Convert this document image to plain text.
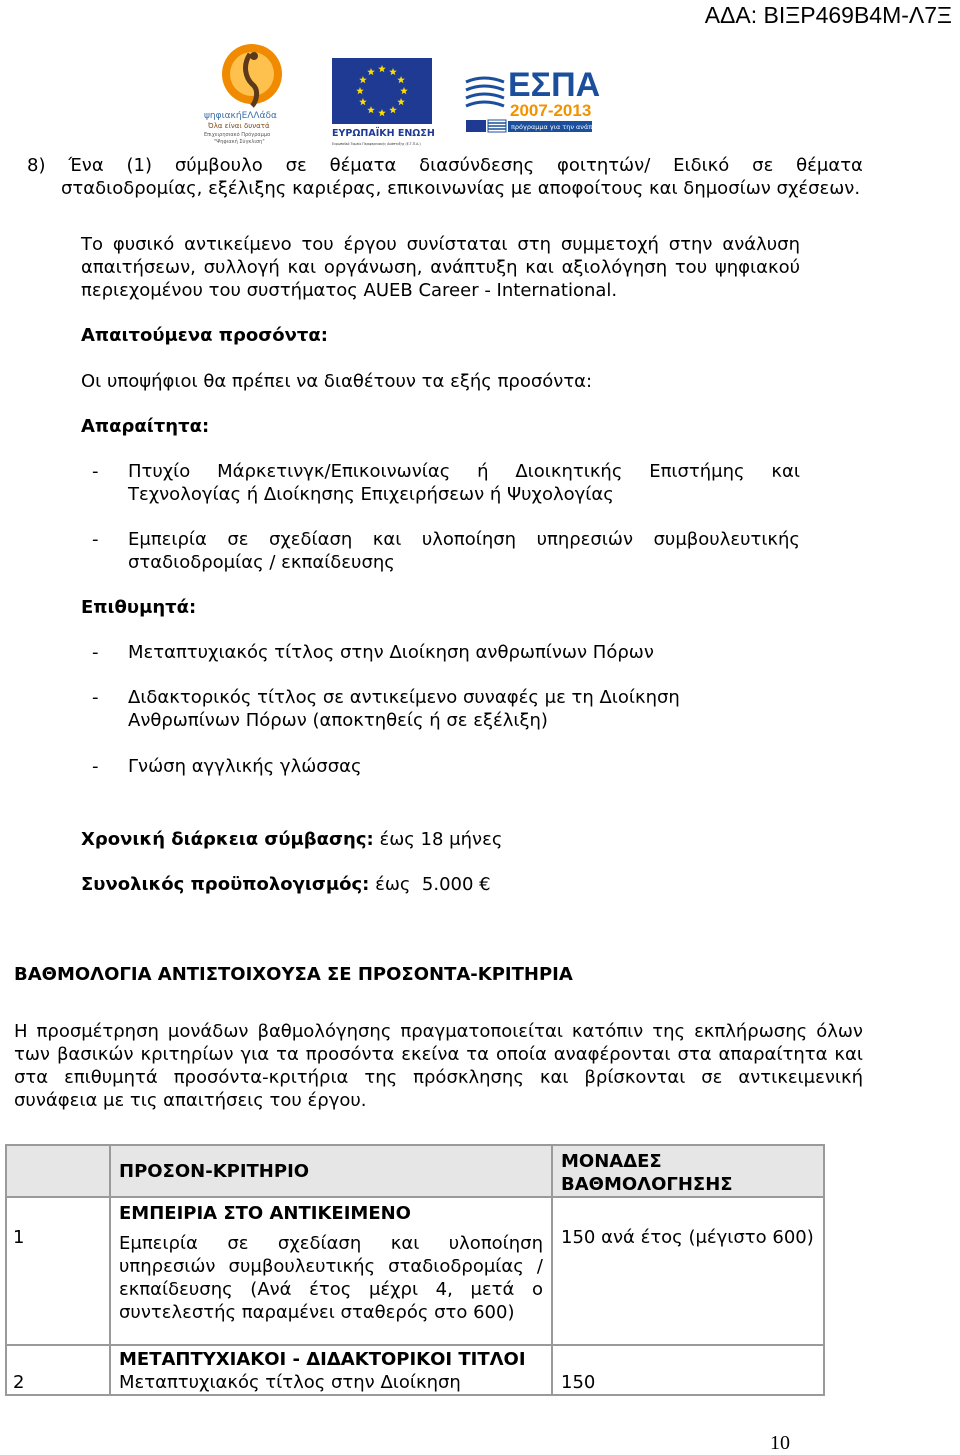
ΑΔΑ: ΒΙΞΡ469Β4Μ-Λ7Ξ
ψηφιακήΕΛΛάδα
Όλα είναι δυνατά
Επιχειρησιακό Πρόγραμμα
"Ψηφιακή Σύγκλιση"
ΕΥΡΩΠΑΪΚΗ ΕΝΩΣΗ
Ευρωπαϊκό Ταμείο Περιφερειακής Ανάπτυξης (Ε.Τ.Π.Α.)
ΕΣΠΑ
2007-2013
πρόγραμμα για την ανάπτυξη
8) Ένα (1) σύμβουλο σε θέματα διασύνδεσης φοιτητών/ Ειδικό σε θέματα
σταδιοδρομίας, εξέλιξης καριέρας, επικοινωνίας με αποφοίτους και δημοσίων σχέσεων.
Το φυσικό αντικείμενο του έργου συνίσταται στη συμμετοχή στην ανάλυση απαιτήσεων, συλλογή και οργάνωση, ανάπτυξη και αξιολόγηση του ψηφιακού περιεχομένου του συστήματος AUEB Career - International.
Απαιτούμενα προσόντα:
Οι υποψήφιοι θα πρέπει να διαθέτουν τα εξής προσόντα:
Απαραίτητα:
- Πτυχίο Μάρκετινγκ/Επικοινωνίας ή Διοικητικής Επιστήμης και Τεχνολογίας ή Διοίκησης Επιχειρήσεων ή Ψυχολογίας
- Εμπειρία σε σχεδίαση και υλοποίηση υπηρεσιών συμβουλευτικής σταδιοδρομίας / εκπαίδευσης
Επιθυμητά:
- Μεταπτυχιακός τίτλος στην Διοίκηση ανθρωπίνων Πόρων
- Διδακτορικός τίτλος σε αντικείμενο συναφές με τη Διοίκηση Ανθρωπίνων Πόρων (αποκτηθείς ή σε εξέλιξη)
- Γνώση αγγλικής γλώσσας
Χρονική διάρκεια σύμβασης: έως 18 μήνες
Συνολικός προϋπολογισμός: έως  5.000 €
ΒΑΘΜΟΛΟΓΙΑ ΑΝΤΙΣΤΟΙΧΟΥΣΑ ΣΕ ΠΡΟΣΟΝΤΑ-ΚΡΙΤΗΡΙΑ
Η προσμέτρηση μονάδων βαθμολόγησης πραγματοποιείται κατόπιν της εκπλήρωσης όλων των βασικών κριτηρίων για τα προσόντα εκείνα τα οποία αναφέρονται στα απαραίτητα και στα επιθυμητά προσόντα-κριτήρια της πρόσκλησης και βρίσκονται σε αντικειμενική συνάφεια με τις απαιτήσεις του έργου.
	ΠΡΟΣΟΝ-ΚΡΙΤΗΡΙΟ	ΜΟΝΑΔΕΣ ΒΑΘΜΟΛΟΓΗΣΗΣ
1	ΕΜΠΕΙΡΙΑ ΣΤΟ ΑΝΤΙΚΕΙΜΕΝΟ
Εμπειρία σε σχεδίαση και υλοποίηση υπηρεσιών συμβουλευτικής σταδιοδρομίας / εκπαίδευσης (Ανά έτος μέχρι 4, μετά ο συντελεστής παραμένει σταθερός στο 600)	150 ανά έτος (μέγιστο 600)
2	ΜΕΤΑΠΤΥΧΙΑΚΟΙ - ΔΙΔΑΚΤΟΡΙΚΟΙ ΤΙΤΛΟΙ
Μεταπτυχιακός τίτλος στην Διοίκηση	150
10
